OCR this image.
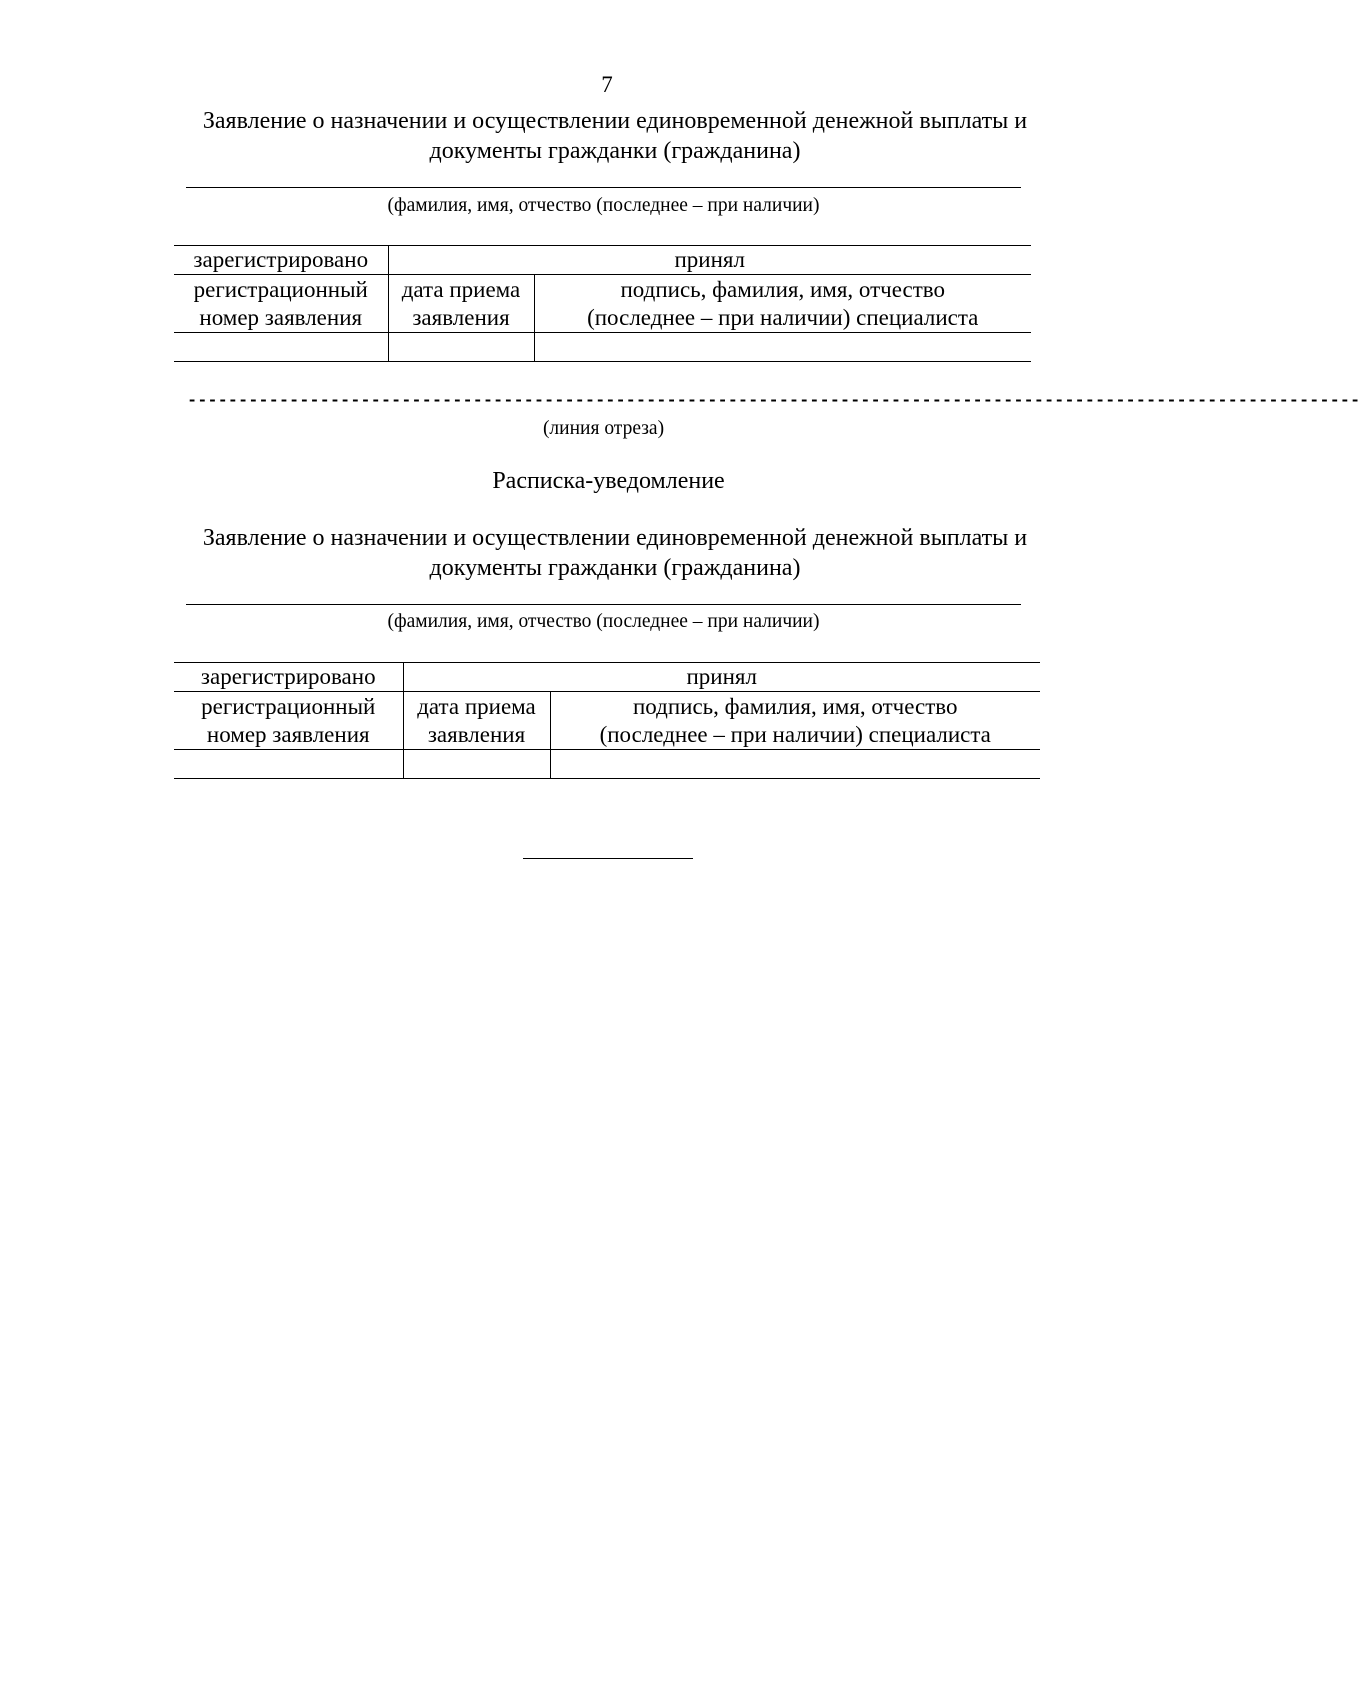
7
Заявление о назначении и осуществлении единовременной денежной выплаты и
документы гражданки (гражданина)
(фамилия, имя, отчество (последнее – при наличии)
зарегистрировано	принял	
регистрационный номер заявления	дата приема заявления	подпись, фамилия, имя, отчество (последнее – при наличии) специалиста

-------------------------------------------------------------------------------------------------------------------
(линия отреза)
Расписка-уведомление
Заявление о назначении и осуществлении единовременной денежной выплаты и
документы гражданки (гражданина)
(фамилия, имя, отчество (последнее – при наличии)
зарегистрировано	принял	
регистрационный номер заявления	дата приема заявления	подпись, фамилия, имя, отчество (последнее – при наличии) специалиста
